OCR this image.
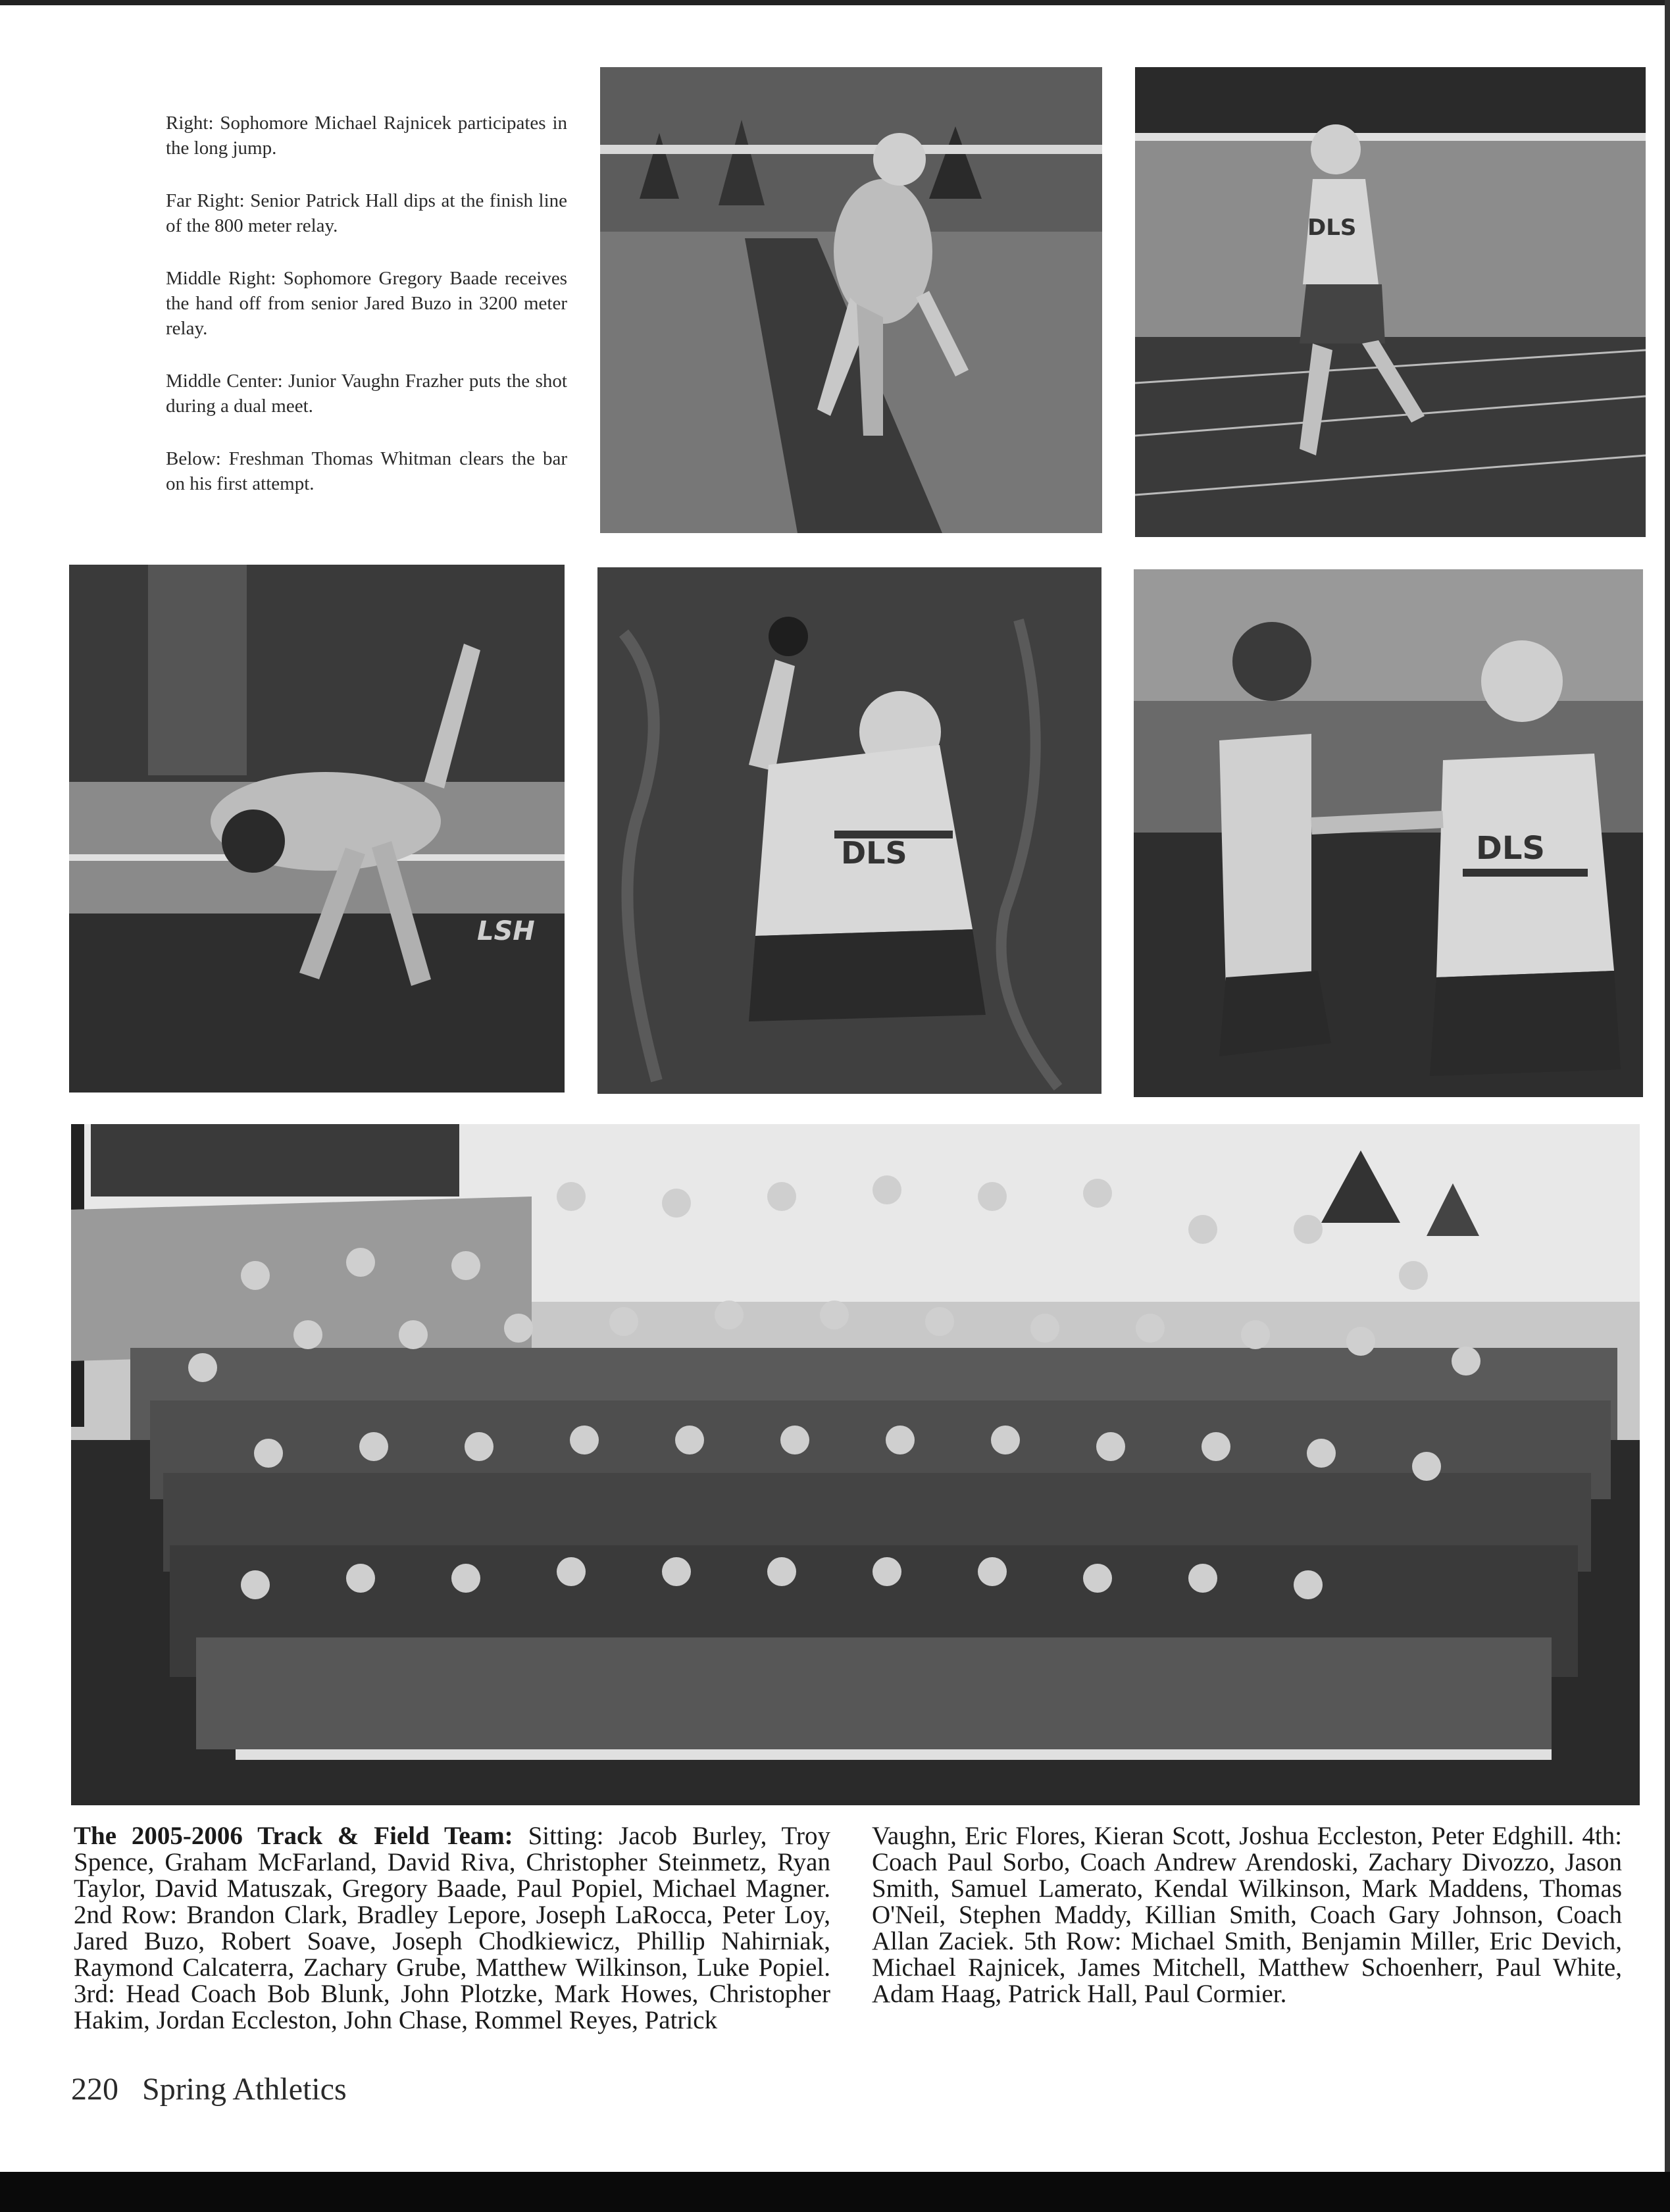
Right: Sophomore Michael Rajnicek participates in the long jump.

Far Right: Senior Patrick Hall dips at the finish line of the 800 meter relay.

Middle Right: Sophomore Gregory Baade receives the hand off from senior Jared Buzo in 3200 meter relay.

Middle Center: Junior Vaughn Frazher puts the shot during a dual meet.

Below: Freshman Thomas Whitman clears the bar on his first attempt.

DLS
LSH
DLS	DLS
The 2005-2006 Track & Field Team: Sitting: Jacob Burley, Troy Spence, Graham McFarland, David Riva, Christopher Steinmetz, Ryan Taylor, David Matuszak, Gregory Baade, Paul Popiel, Michael Magner. 2nd Row: Brandon Clark, Bradley Lepore, Joseph LaRocca, Peter Loy, Jared Buzo, Robert Soave, Joseph Chodkiewicz, Phillip Nahirniak, Raymond Calcaterra, Zachary Grube, Matthew Wilkinson, Luke Popiel. 3rd: Head Coach Bob Blunk, John Plotzke, Mark Howes, Christopher Hakim, Jordan Eccleston, John Chase, Rommel Reyes, Patrick
Vaughn, Eric Flores, Kieran Scott, Joshua Eccleston, Peter Edghill. 4th: Coach Paul Sorbo, Coach Andrew Arendoski, Zachary Divozzo, Jason Smith, Samuel Lamerato, Kendal Wilkinson, Mark Maddens, Thomas O'Neil, Stephen Maddy, Killian Smith, Coach Gary Johnson, Coach Allan Zaciek. 5th Row: Michael Smith, Benjamin Miller, Eric Devich, Michael Rajnicek, James Mitchell, Matthew Schoenherr, Paul White, Adam Haag, Patrick Hall, Paul Cormier.
220 Spring Athletics
